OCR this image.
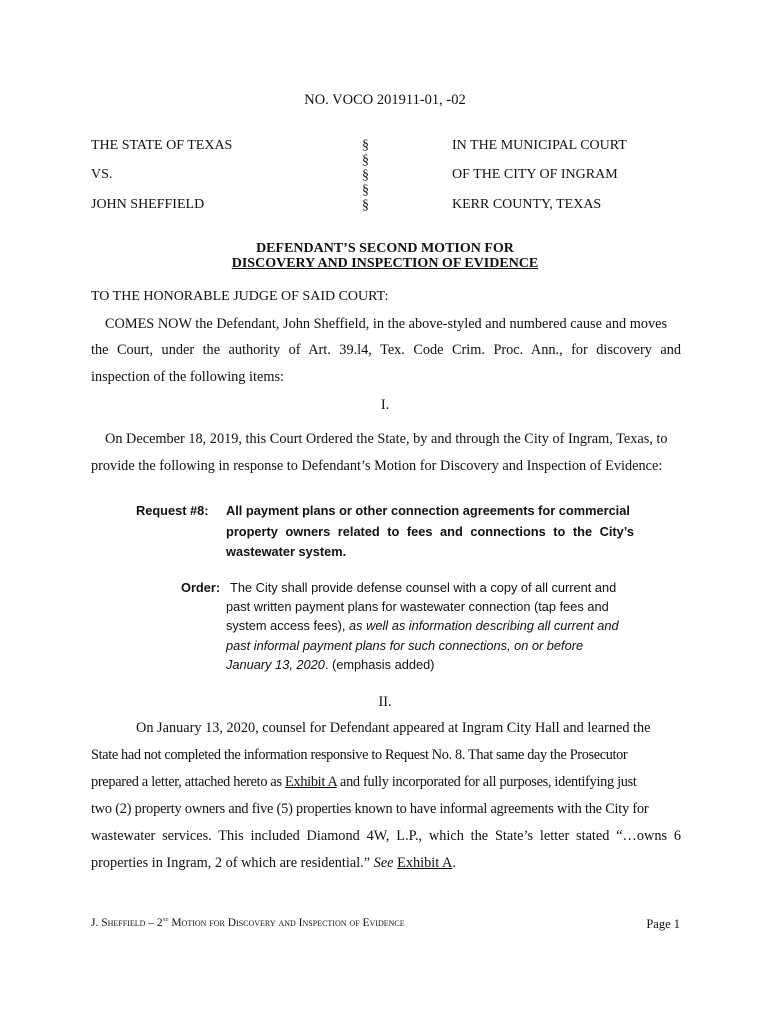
NO. VOCO 201911-01, -02
THE STATE OF TEXAS
VS.
JOHN SHEFFIELD
§
§
§
§
§
IN THE MUNICIPAL COURT
OF THE CITY OF INGRAM
KERR COUNTY, TEXAS
DEFENDANT’S SECOND MOTION FOR
DISCOVERY AND INSPECTION OF EVIDENCE
TO THE HONORABLE JUDGE OF SAID COURT:
COMES NOW the Defendant, John Sheffield, in the above-styled and numbered cause and moves
the Court, under the authority of Art. 39.l4, Tex. Code Crim. Proc. Ann., for discovery and
inspection of the following items:
I.
On December 18, 2019, this Court Ordered the State, by and through the City of Ingram, Texas, to
provide the following in response to Defendant’s Motion for Discovery and Inspection of Evidence:
Request #8: All payment plans or other connection agreements for commercial
property owners related to fees and connections to the City’s
wastewater system.
Order: The City shall provide defense counsel with a copy of all current and
past written payment plans for wastewater connection (tap fees and
system access fees), as well as information describing all current and
past informal payment plans for such connections, on or before
January 13, 2020. (emphasis added)
II.
On January 13, 2020, counsel for Defendant appeared at Ingram City Hall and learned the
State had not completed the information responsive to Request No. 8. That same day the Prosecutor
prepared a letter, attached hereto as Exhibit A and fully incorporated for all purposes, identifying just
two (2) property owners and five (5) properties known to have informal agreements with the City for
wastewater services. This included Diamond 4W, L.P., which the State’s letter stated “…owns 6
properties in Ingram, 2 of which are residential.” See Exhibit A.
J. Sheffield – 2nd Motion for Discovery and Inspection of Evidence	Page 1
